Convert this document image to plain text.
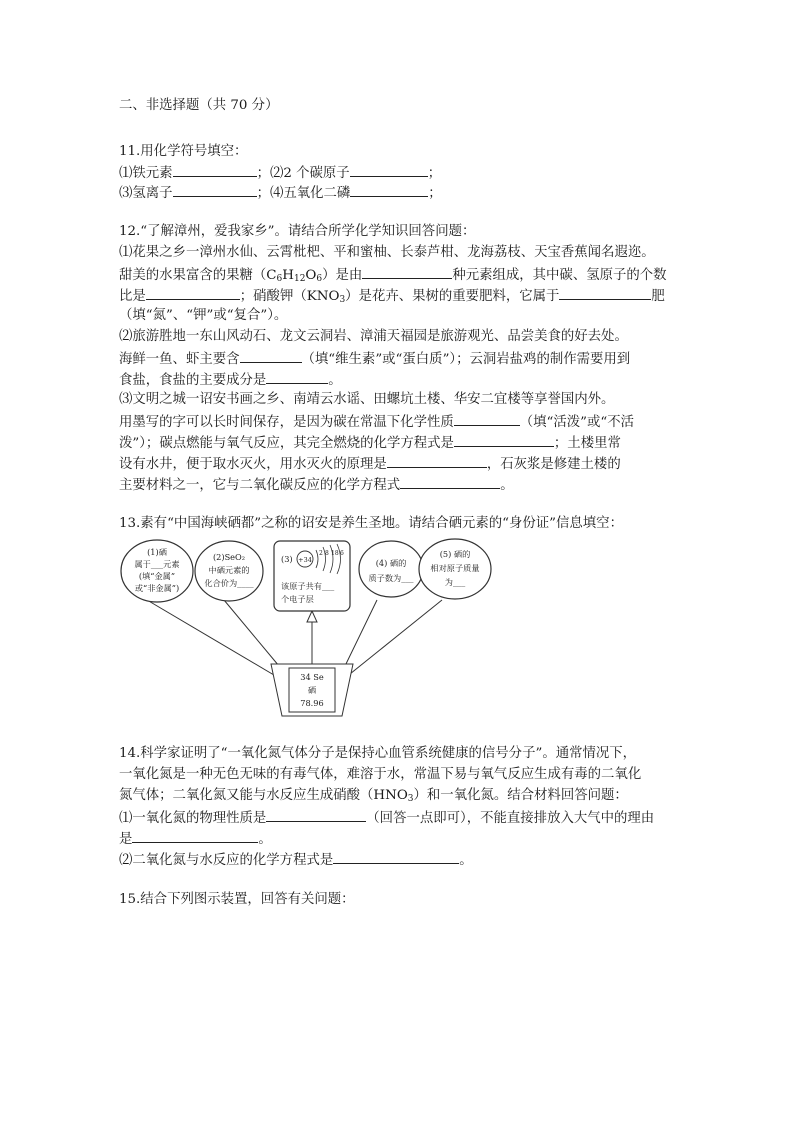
二、非选择题（共 70 分）
11.用化学符号填空：
⑴铁元素	；⑵2 个碳原子	；
⑶氢离子	；⑷五氧化二磷	；
12.“了解漳州，爱我家乡”。请结合所学化学知识回答问题：
⑴花果之乡一漳州水仙、云霄枇杷、平和蜜柚、长泰芦柑、龙海荔枝、天宝香蕉闻名遐迩。
甜美的水果富含的果糖$(C_6H_{12}O_6)$是由	种元素组成，其中碳、氢原子的个数
比是	；硝酸钾$(KNO_3)$是花卉、果树的重要肥料，它属于	肥
（填“氮”、“钾”或“复合”）。
⑵旅游胜地一东山风动石、龙文云洞岩、漳浦天福园是旅游观光、品尝美食的好去处。
海鲜一鱼、虾主要含	（填“维生素”或“蛋白质”）；云洞岩盐鸡的制作需要用到
食盐，食盐的主要成分是	。
⑶文明之城一诏安书画之乡、南靖云水谣、田螺坑土楼、华安二宜楼等享誉国内外。
用墨写的字可以长时间保存，是因为碳在常温下化学性质	（填“活泼”或“不活
泼”）；碳点燃能与氧气反应，其完全燃烧的化学方程式是	；土楼里常
设有水井，便于取水灭火，用水灭火的原理是	，石灰浆是修建土楼的
主要材料之一，它与二氧化碳反应的化学方程式	。
13.素有“中国海峡硒都”之称的诏安是养生圣地。请结合硒元素的“身份证”信息填空：
(1)硒
属于___元素
(填“金属”
或“非金属”)
(2)SeO₂
中硒元素的
化合价为____
(3) +34
2 8 18 6
该原子共有___
个电子层
(4) 硒的
质子数为___
(5) 硒的
相对原子质量
为___
34 Se
硒
78.96
14.科学家证明了“一氧化氮气体分子是保持心血管系统健康的信号分子”。通常情况下，
一氧化氮是一种无色无味的有毒气体，难溶于水，常温下易与氧气反应生成有毒的二氧化
氮气体；二氧化氮又能与水反应生成硝酸$(HNO_3)$和一氧化氮。结合材料回答问题：
⑴一氧化氮的物理性质是	（回答一点即可），不能直接排放入大气中的理由
是	。
⑵二氧化氮与水反应的化学方程式是	。
15.结合下列图示装置，回答有关问题：
